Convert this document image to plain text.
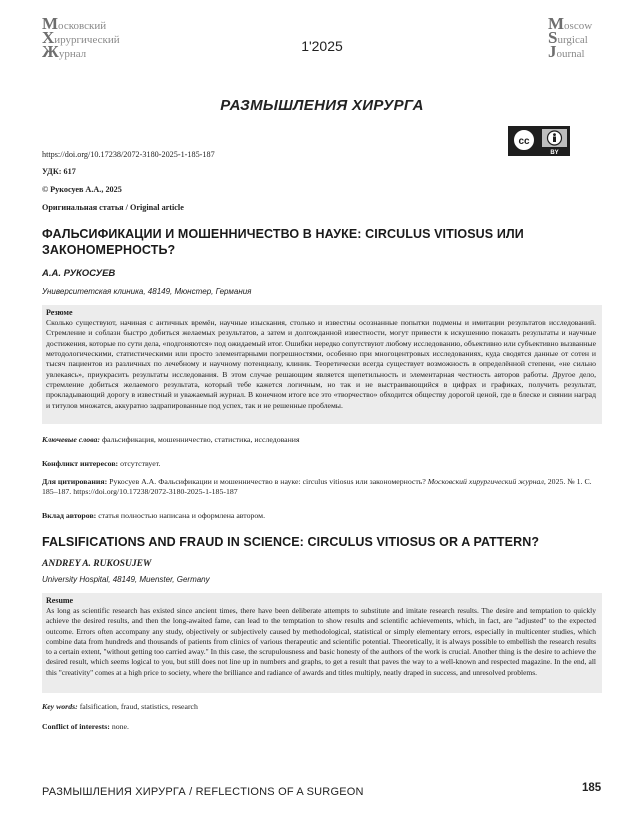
Московский
Хирургический
Журнал
Moscow
Surgical
Journal
1'2025
РАЗМЫШЛЕНИЯ ХИРУРГА
https://doi.org/10.17238/2072-3180-2025-1-185-187
УДК: 617
© Рукосуев А.А., 2025
Оригинальная статья / Original article
cc
BY
ФАЛЬСИФИКАЦИИ И МОШЕННИЧЕСТВО В НАУКЕ: CIRCULUS VITIOSUS ИЛИ ЗАКОНОМЕРНОСТЬ?
А.А. РУКОСУЕВ
Университетская клиника, 48149, Мюнстер, Германия

Резюме

Сколько существуют, начиная с античных времён, научные изыскания, столько и известны осознанные попытки подмены и имитации результатов исследований. Стремление и соблазн быстро добиться желаемых результатов, а затем и долгожданной известности, могут привести к искушению показать результаты и научные достижения, которые по сути дела, «подгоняются» под ожидаемый итог. Ошибки нередко сопутствуют любому исследованию, объективно или субъективно вызванные методологическими, статистическими или просто элементарными погрешностями, особенно при многоцентровых исследованиях, куда сводятся данные от сотен и тысяч пациентов из различных по лечебному и научному потенциалу, клиник. Теоретически всегда существует возможность в определённой степени, «не сильно увлекаясь», приукрасить результаты исследования. В этом случае решающим является щепетильность и элементарная честность авторов работы. Другое дело, стремление добиться желаемого результата, который тебе кажется логичным, но так и не выстраивающийся в цифрах и графиках, получить результат, прокладывающий дорогу в известный и уважаемый журнал. В конечном итоге все это «творчество» обходится обществу дорогой ценой, где в блеске и сиянии наград и титулов множатся, аккуратно задрапированные под успех, так и не решенные проблемы.

Ключевые слова: фальсификация, мошенничество, статистика, исследования
Конфликт интересов: отсутствует.
Для цитирования: Рукосуев А.А. Фальсификации и мошенничество в науке: circulus vitiosus или закономерность? Московский хирургический журнал, 2025. № 1. С. 185–187. https://doi.org/10.17238/2072-3180-2025-1-185-187
Вклад авторов: статья полностью написана и оформлена автором.
FALSIFICATIONS AND FRAUD IN SCIENCE: CIRCULUS VITIOSUS OR A PATTERN?
ANDREY A. RUKOSUJEW
University Hospital, 48149, Muenster, Germany

Resume

As long as scientific research has existed since ancient times, there have been deliberate attempts to substitute and imitate research results. The desire and temptation to quickly achieve the desired results, and then the long-awaited fame, can lead to the temptation to show results and scientific achievements, which, in fact, are "adjusted" to the expected outcome. Errors often accompany any study, objectively or subjectively caused by methodological, statistical or simply elementary errors, especially in multicenter studies, which combine data from hundreds and thousands of patients from clinics of various therapeutic and scientific potential. Theoretically, it is always possible to embellish the research results to a certain extent, "without getting too carried away." In this case, the scrupulousness and basic honesty of the authors of the work is crucial. Another thing is the desire to achieve the desired result, which seems logical to you, but still does not line up in numbers and graphs, to get a result that paves the way to a well-known and respected magazine. In the end, all this "creativity" comes at a high price to society, where the brilliance and radiance of awards and titles multiply, neatly draped in success, and unresolved problems.

Key words: falsification, fraud, statistics, research
Conflict of interests: none.
РАЗМЫШЛЕНИЯ ХИРУРГА / REFLECTIONS OF A SURGEON	185
